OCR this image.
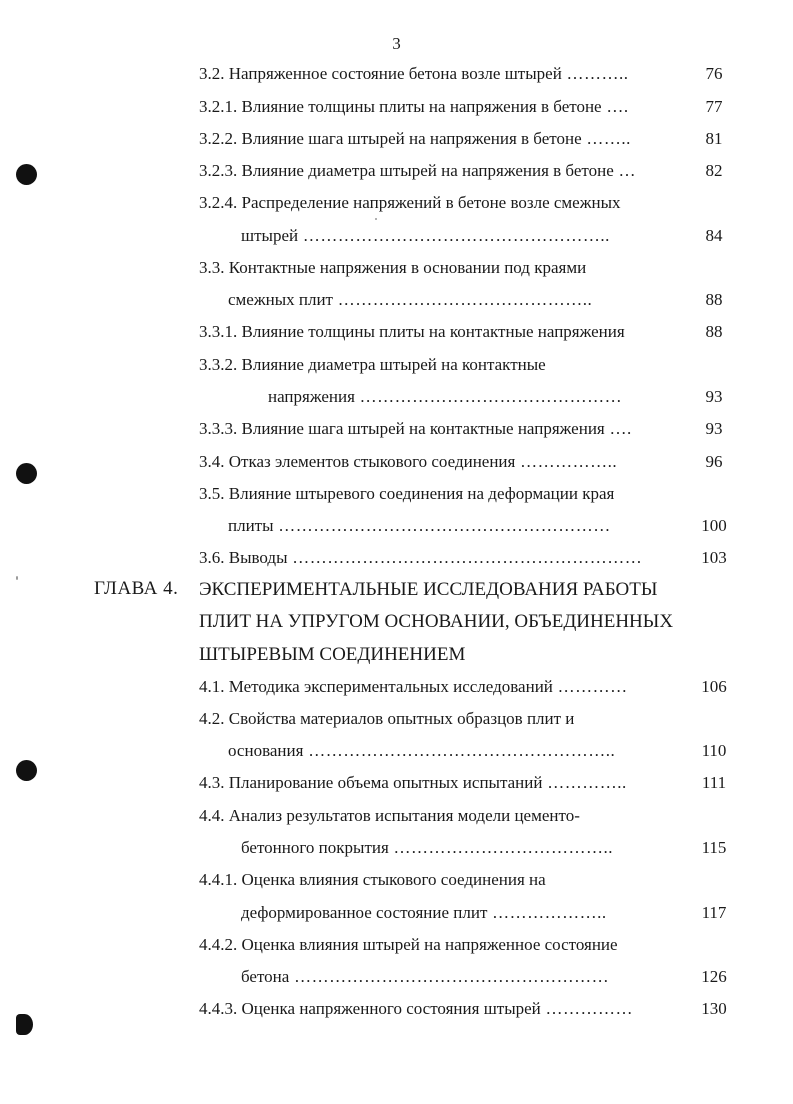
3
3.2. Напряженное состояние бетона возле штырей ………..	76
3.2.1. Влияние толщины плиты на напряжения в бетоне ….	77
3.2.2. Влияние шага штырей на напряжения в бетоне ……..	81
3.2.3. Влияние диаметра штырей на напряжения в бетоне …	82
3.2.4. Распределение напряжений в бетоне возле смежных
штырей ……………………………………………..	84
3.3. Контактные напряжения в основании под краями
смежных плит ……………………………………..	88
3.3.1. Влияние толщины плиты на контактные напряжения	88
3.3.2. Влияние диаметра штырей на контактные
напряжения ………………………………………	93
3.3.3. Влияние шага штырей на контактные напряжения ….	93
3.4. Отказ элементов стыкового соединения ……………..	96
3.5. Влияние штыревого соединения на деформации края
плиты …………………………………………………	100
3.6. Выводы ……………………………………………………	103
ГЛАВА 4. ЭКСПЕРИМЕНТАЛЬНЫЕ ИССЛЕДОВАНИЯ РАБОТЫ
ПЛИТ НА УПРУГОМ ОСНОВАНИИ, ОБЪЕДИНЕННЫХ
ШТЫРЕВЫМ СОЕДИНЕНИЕМ
4.1. Методика экспериментальных исследований …………	106
4.2. Свойства материалов опытных образцов плит и
основания ……………………………………………..	110
4.3. Планирование объема опытных испытаний …………..	111
4.4. Анализ результатов испытания модели цементо-
бетонного покрытия ………………………………..	115
4.4.1. Оценка влияния стыкового соединения на
деформированное состояние плит ………………..	117
4.4.2. Оценка влияния штырей на напряженное состояние
бетона ………………………………………………	126
4.4.3. Оценка напряженного состояния штырей ……………	130
